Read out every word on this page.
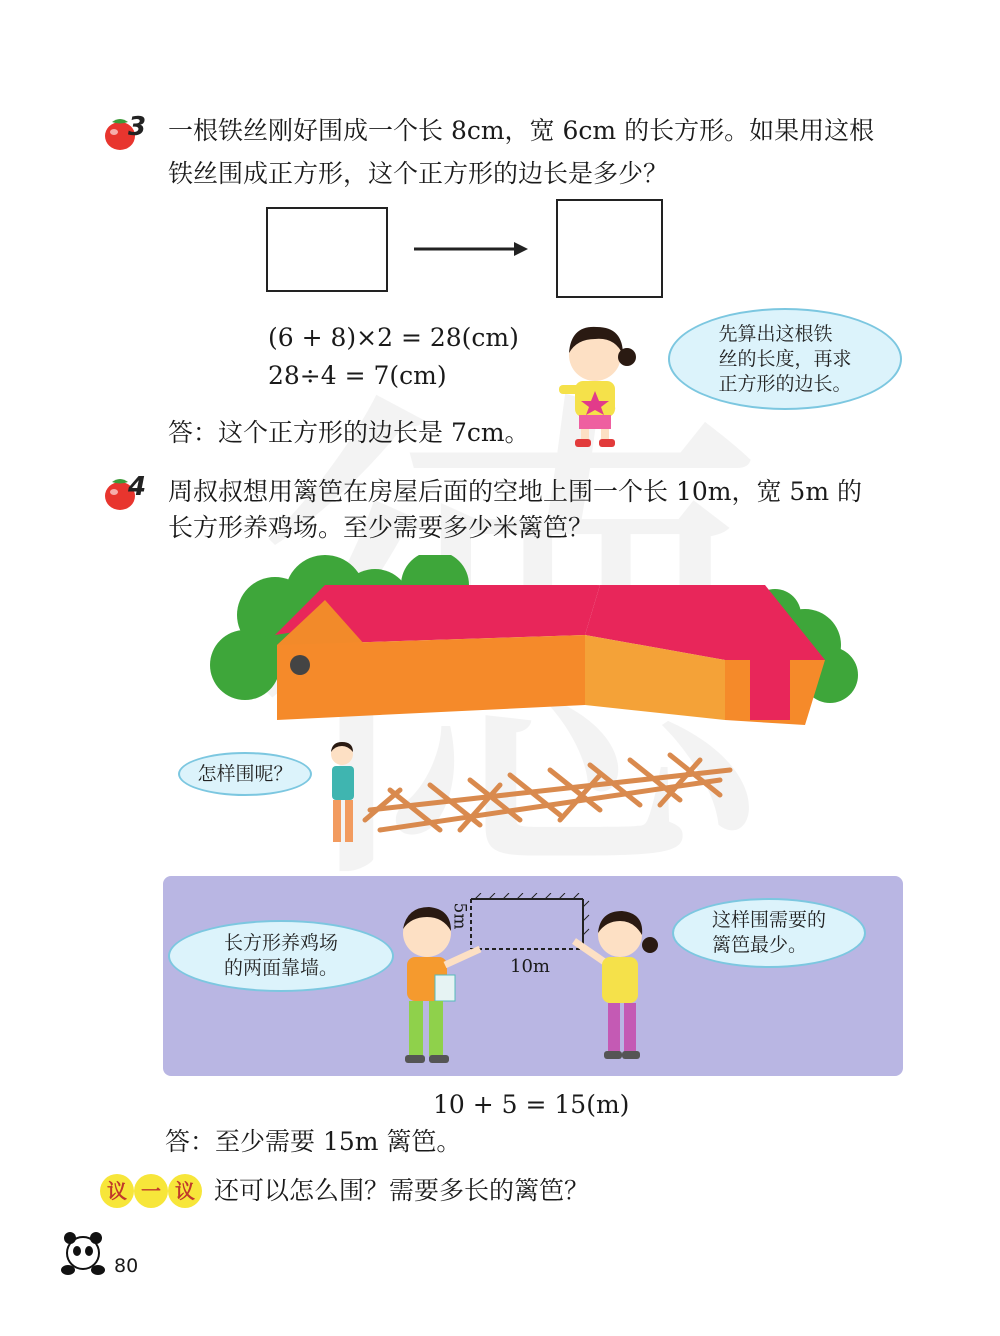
3 一根铁丝刚好围成一个长 8cm，宽 6cm 的长方形。如果用这根
铁丝围成正方形，这个正方形的边长是多少？
(6 + 8)×2 = 28(cm)
28÷4 = 7(cm)
答：这个正方形的边长是 7cm。
先算出这根铁
丝的长度，再求
正方形的边长。
4 周叔叔想用篱笆在房屋后面的空地上围一个长 10m，宽 5m 的
长方形养鸡场。至少需要多少米篱笆？
怎样围呢？
5m
10m
长方形养鸡场
的两面靠墙。
这样围需要的
篱笆最少。
10 + 5 = 15(m)
答：至少需要 15m 篱笆。
议 一 议 还可以怎么围？需要多长的篱笆？
80
